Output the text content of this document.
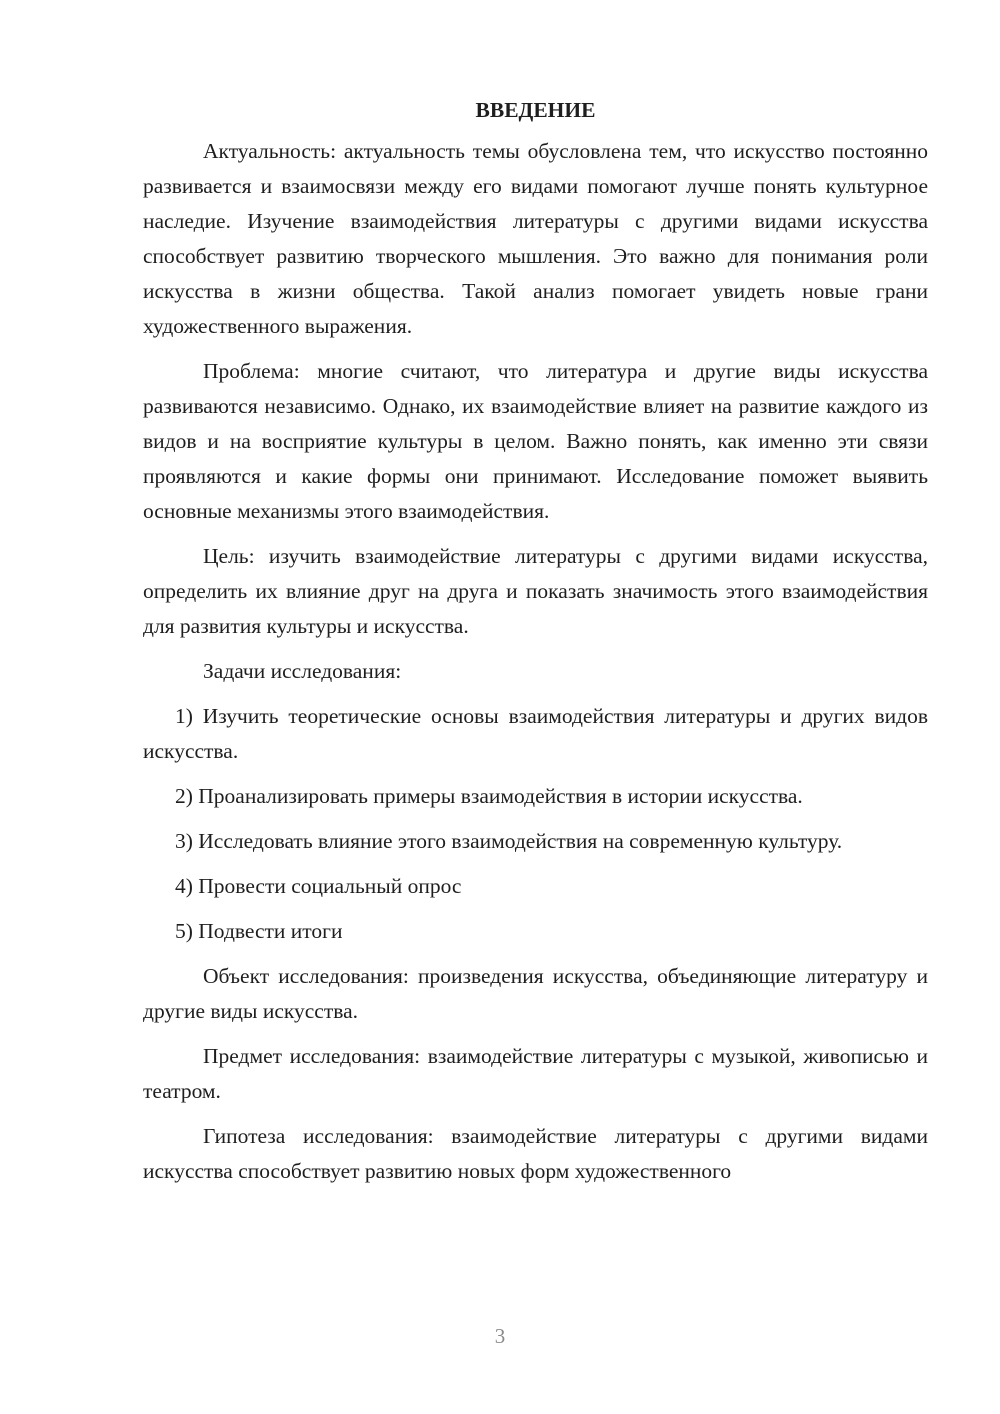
ВВЕДЕНИЕ

Актуальность: актуальность темы обусловлена тем, что искусство постоянно развивается и взаимосвязи между его видами помогают лучше понять культурное наследие. Изучение взаимодействия литературы с другими видами искусства способствует развитию творческого мышления. Это важно для понимания роли искусства в жизни общества. Такой анализ помогает увидеть новые грани художественного выражения.

Проблема: многие считают, что литература и другие виды искусства развиваются независимо. Однако, их взаимодействие влияет на развитие каждого из видов и на восприятие культуры в целом. Важно понять, как именно эти связи проявляются и какие формы они принимают. Исследование поможет выявить основные механизмы этого взаимодействия.

Цель: изучить взаимодействие литературы с другими видами искусства, определить их влияние друг на друга и показать значимость этого взаимодействия для развития культуры и искусства.

Задачи исследования:

1) Изучить теоретические основы взаимодействия литературы и других видов искусства.

2) Проанализировать примеры взаимодействия в истории искусства.

3) Исследовать влияние этого взаимодействия на современную культуру.

4) Провести социальный опрос

5) Подвести итоги

Объект исследования: произведения искусства, объединяющие литературу и другие виды искусства.

Предмет исследования: взаимодействие литературы с музыкой, живописью и театром.

Гипотеза исследования: взаимодействие литературы с другими видами искусства способствует развитию новых форм художественного

3
